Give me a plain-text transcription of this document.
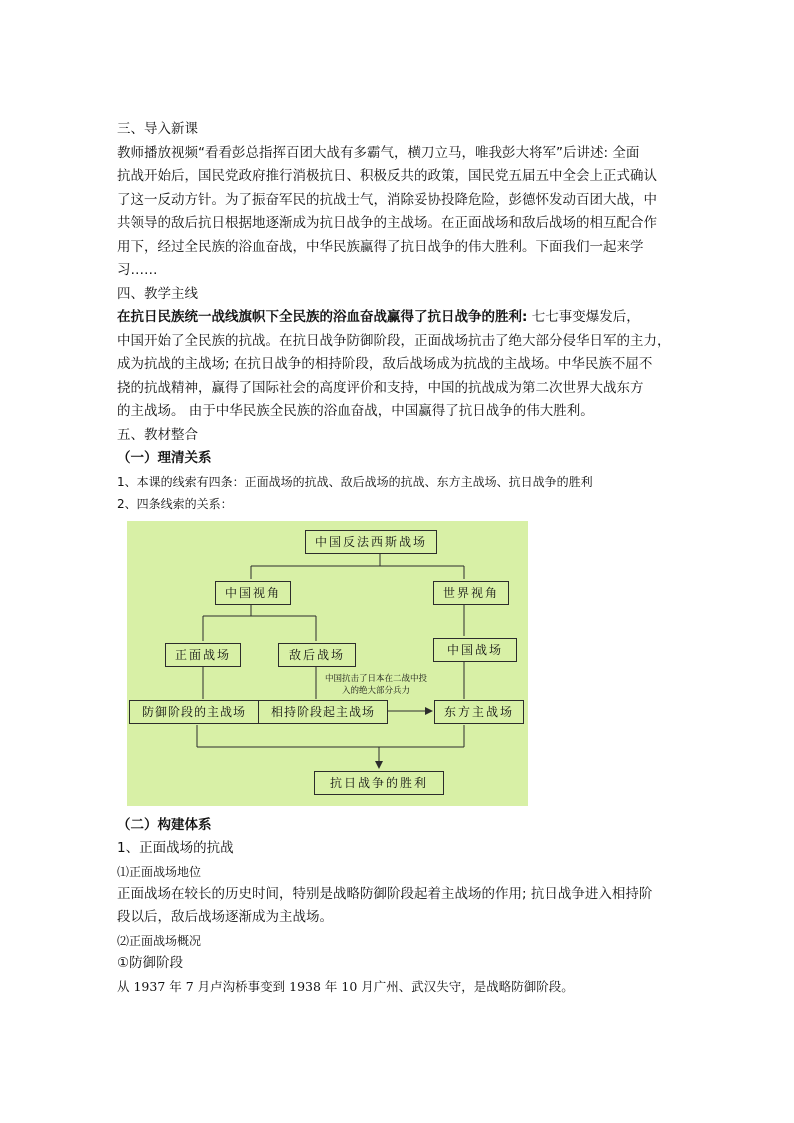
三、导入新课
教师播放视频“看看彭总指挥百团大战有多霸气，横刀立马，唯我彭大将军”后讲述: 全面
抗战开始后，国民党政府推行消极抗日、积极反共的政策，国民党五届五中全会上正式确认
了这一反动方针。为了振奋军民的抗战士气，消除妥协投降危险，彭德怀发动百团大战，中
共领导的敌后抗日根据地逐渐成为抗日战争的主战场。在正面战场和敌后战场的相互配合作
用下，经过全民族的浴血奋战，中华民族赢得了抗日战争的伟大胜利。下面我们一起来学
习……
四、教学主线
在抗日民族统一战线旗帜下全民族的浴血奋战赢得了抗日战争的胜利: 七七事变爆发后，
中国开始了全民族的抗战。在抗日战争防御阶段，正面战场抗击了绝大部分侵华日军的主力，
成为抗战的主战场; 在抗日战争的相持阶段，敌后战场成为抗战的主战场。中华民族不屈不
挠的抗战精神，赢得了国际社会的高度评价和支持，中国的抗战成为第二次世界大战东方
的主战场。 由于中华民族全民族的浴血奋战，中国赢得了抗日战争的伟大胜利。
五、教材整合
（一）理清关系
1、本课的线索有四条：正面战场的抗战、敌后战场的抗战、东方主战场、抗日战争的胜利
2、四条线索的关系：
中国反法西斯战场
中国视角	世界视角
正面战场	敌后战场	中国战场
防御阶段的主战场	相持阶段起主战场	东方主战场
抗日战争的胜利
中国抗击了日本在二战中投
入的绝大部分兵力
（二）构建体系
1、正面战场的抗战
⑴正面战场地位
正面战场在较长的历史时间，特别是战略防御阶段起着主战场的作用; 抗日战争进入相持阶
段以后，敌后战场逐渐成为主战场。
⑵正面战场概况
①防御阶段
从 1937 年 7 月卢沟桥事变到 1938 年 10 月广州、武汉失守，是战略防御阶段。
